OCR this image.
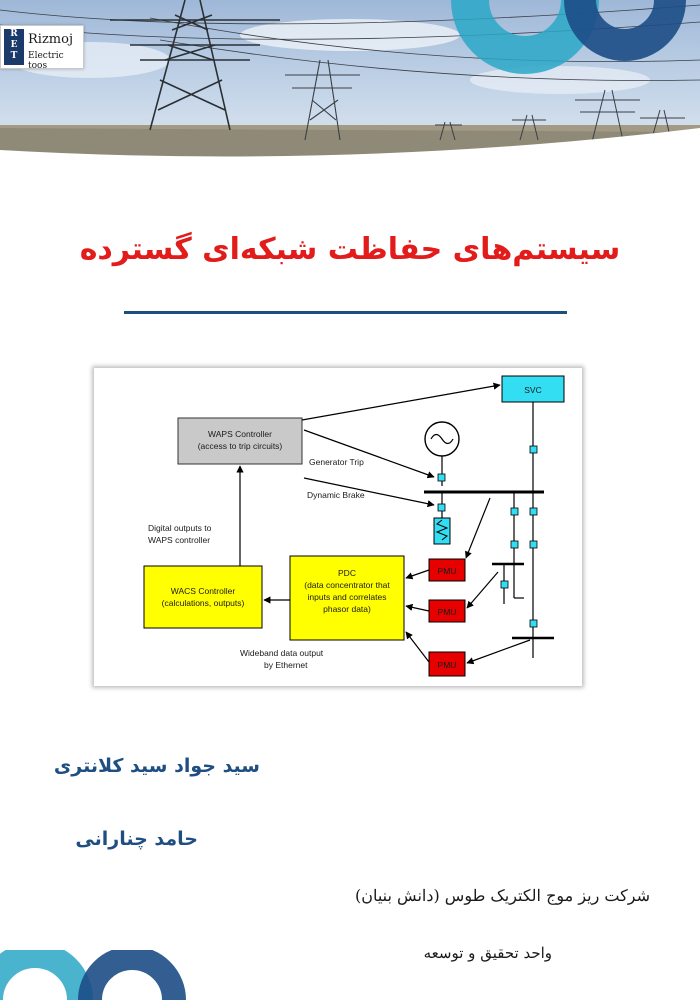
R
E
T
Rizmoj
Electric toos
سیستم‌های حفاظت شبکه‌ای گسترده
SVC
WAPS Controller
(access to trip circuits)
Generator Trip
Dynamic Brake
PDC
(data concentrator that
inputs and correlates
phasor data)
WACS Controller
(calculations, outputs)
Digital outputs to
WAPS controller
PMU
PMU
PMU
Wideband data output
by Ethernet
سید جواد سید کلانتری
حامد چنارانی
شرکت ریز موج الکتریک طوس (دانش بنیان)
واحد تحقیق و توسعه
